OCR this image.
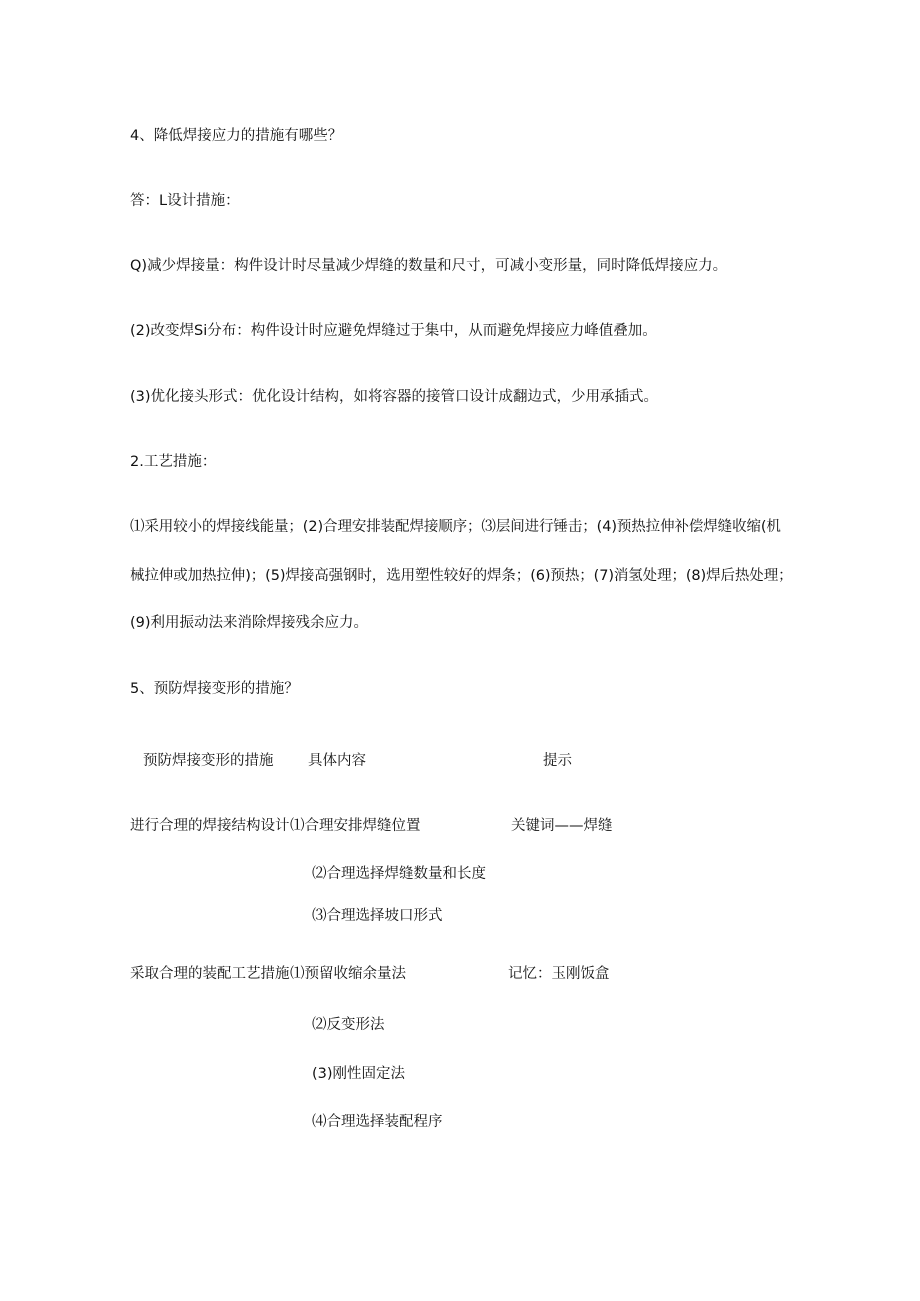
4、降低焊接应力的措施有哪些？
答：L设计措施：
Q)减少焊接量：构件设计时尽量减少焊缝的数量和尺寸，可减小变形量，同时降低焊接应力。
(2)改变焊Si分布：构件设计时应避免焊缝过于集中，从而避免焊接应力峰值叠加。
(3)优化接头形式：优化设计结构，如将容器的接管口设计成翻边式，少用承插式。
2.工艺措施：
⑴采用较小的焊接线能量；(2)合理安排装配焊接顺序；⑶层间进行锤击；(4)预热拉伸补偿焊缝收缩(机
械拉伸或加热拉伸)；(5)焊接高强钢时，选用塑性较好的焊条；(6)预热；(7)消氢处理；(8)焊后热处理；
(9)利用振动法来消除焊接残余应力。
5、预防焊接变形的措施？
预防焊接变形的措施 具体内容	提示
进行合理的焊接结构设计 ⑴合理安排焊缝位置	关键词——焊缝
⑵合理选择焊缝数量和长度
⑶合理选择坡口形式
采取合理的装配工艺措施 ⑴预留收缩余量法	记忆：玉刚饭盒
⑵反变形法
(3)刚性固定法
⑷合理选择装配程序
